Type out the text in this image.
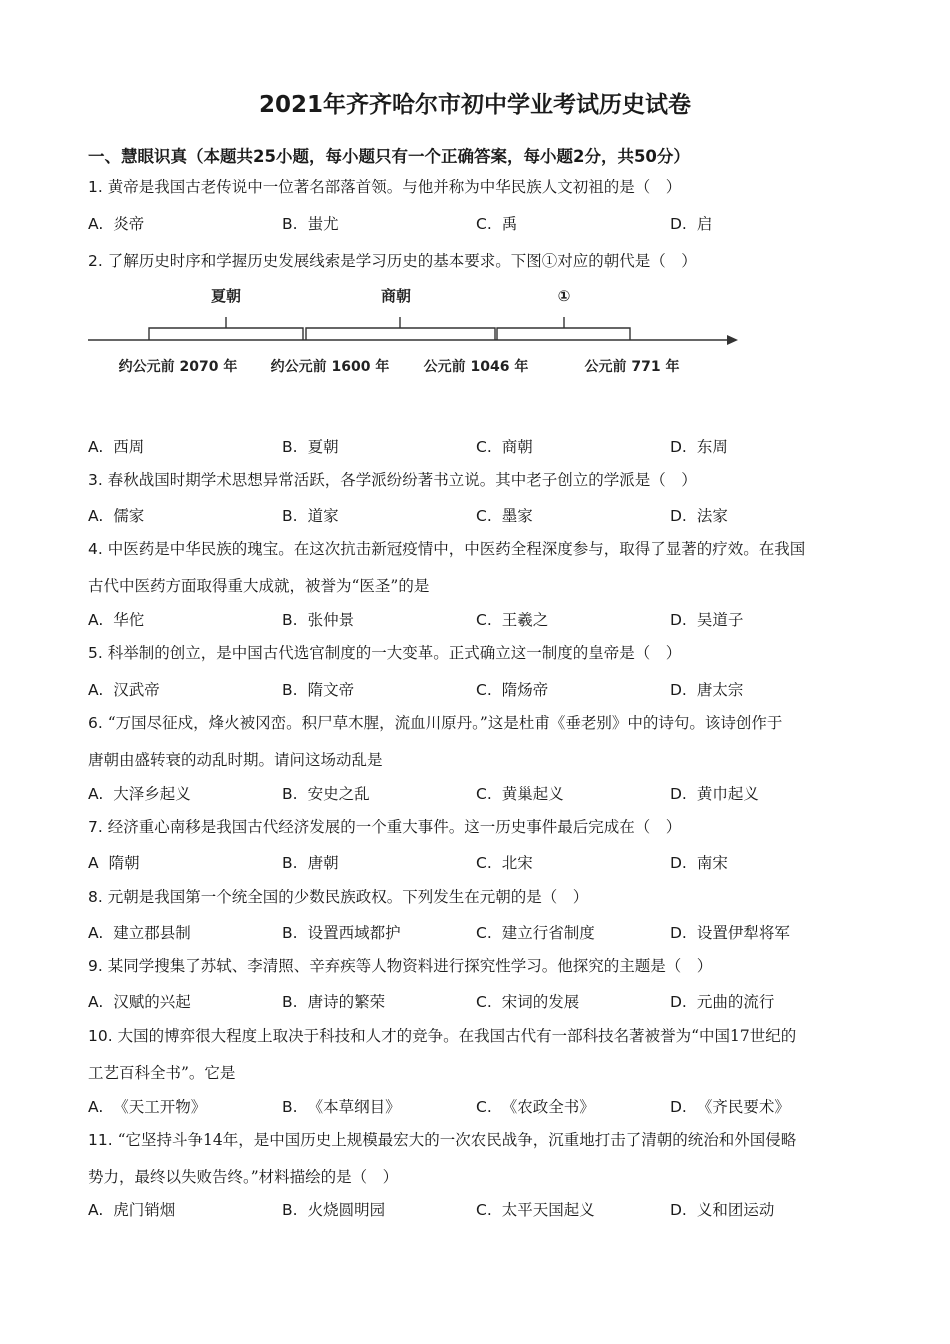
2021年齐齐哈尔市初中学业考试历史试卷
一、慧眼识真（本题共25小题，每小题只有一个正确答案，每小题2分，共50分）
1. 黄帝是我国古老传说中一位著名部落首领。与他并称为中华民族人文初祖的是（　）
A. 炎帝	B. 蚩尤	C. 禹	D. 启
2. 了解历史时序和学握历史发展线索是学习历史的基本要求。下图①对应的朝代是（　）
A. 西周	B. 夏朝	C. 商朝	D. 东周
3. 春秋战国时期学术思想异常活跃，各学派纷纷著书立说。其中老子创立的学派是（　）
A. 儒家	B. 道家	C. 墨家	D. 法家
4. 中医药是中华民族的瑰宝。在这次抗击新冠疫情中，中医药全程深度参与，取得了显著的疗效。在我国
古代中医药方面取得重大成就，被誉为“医圣”的是
A. 华佗	B. 张仲景	C. 王羲之	D. 吴道子
5. 科举制的创立，是中国古代选官制度的一大变革。正式确立这一制度的皇帝是（　）
A. 汉武帝	B. 隋文帝	C. 隋炀帝	D. 唐太宗
6. “万国尽征戍，烽火被冈峦。积尸草木腥，流血川原丹。”这是杜甫《垂老别》中的诗句。该诗创作于
唐朝由盛转衰的动乱时期。请问这场动乱是
A. 大泽乡起义	B. 安史之乱	C. 黄巢起义	D. 黄巾起义
7. 经济重心南移是我国古代经济发展的一个重大事件。这一历史事件最后完成在（　）
A 隋朝	B. 唐朝	C. 北宋	D. 南宋
8. 元朝是我国第一个统全国的少数民族政权。下列发生在元朝的是（　）
A. 建立郡县制	B. 设置西域都护	C. 建立行省制度	D. 设置伊犁将军
9. 某同学搜集了苏轼、李清照、辛弃疾等人物资料进行探究性学习。他探究的主题是（　）
A. 汉赋的兴起	B. 唐诗的繁荣	C. 宋词的发展	D. 元曲的流行
10. 大国的博弈很大程度上取决于科技和人才的竞争。在我国古代有一部科技名著被誉为“中国17世纪的
工艺百科全书”。它是
A. 《天工开物》	B. 《本草纲目》	C. 《农政全书》	D. 《齐民要术》
11. “它坚持斗争14年，是中国历史上规模最宏大的一次农民战争，沉重地打击了清朝的统治和外国侵略
势力，最终以失败告终。”材料描绘的是（　）
A. 虎门销烟	B. 火烧圆明园	C. 太平天国起义	D. 义和团运动
夏朝	商朝	①
约公元前 2070 年 约公元前 1600 年 公元前 1046 年	公元前 771 年
